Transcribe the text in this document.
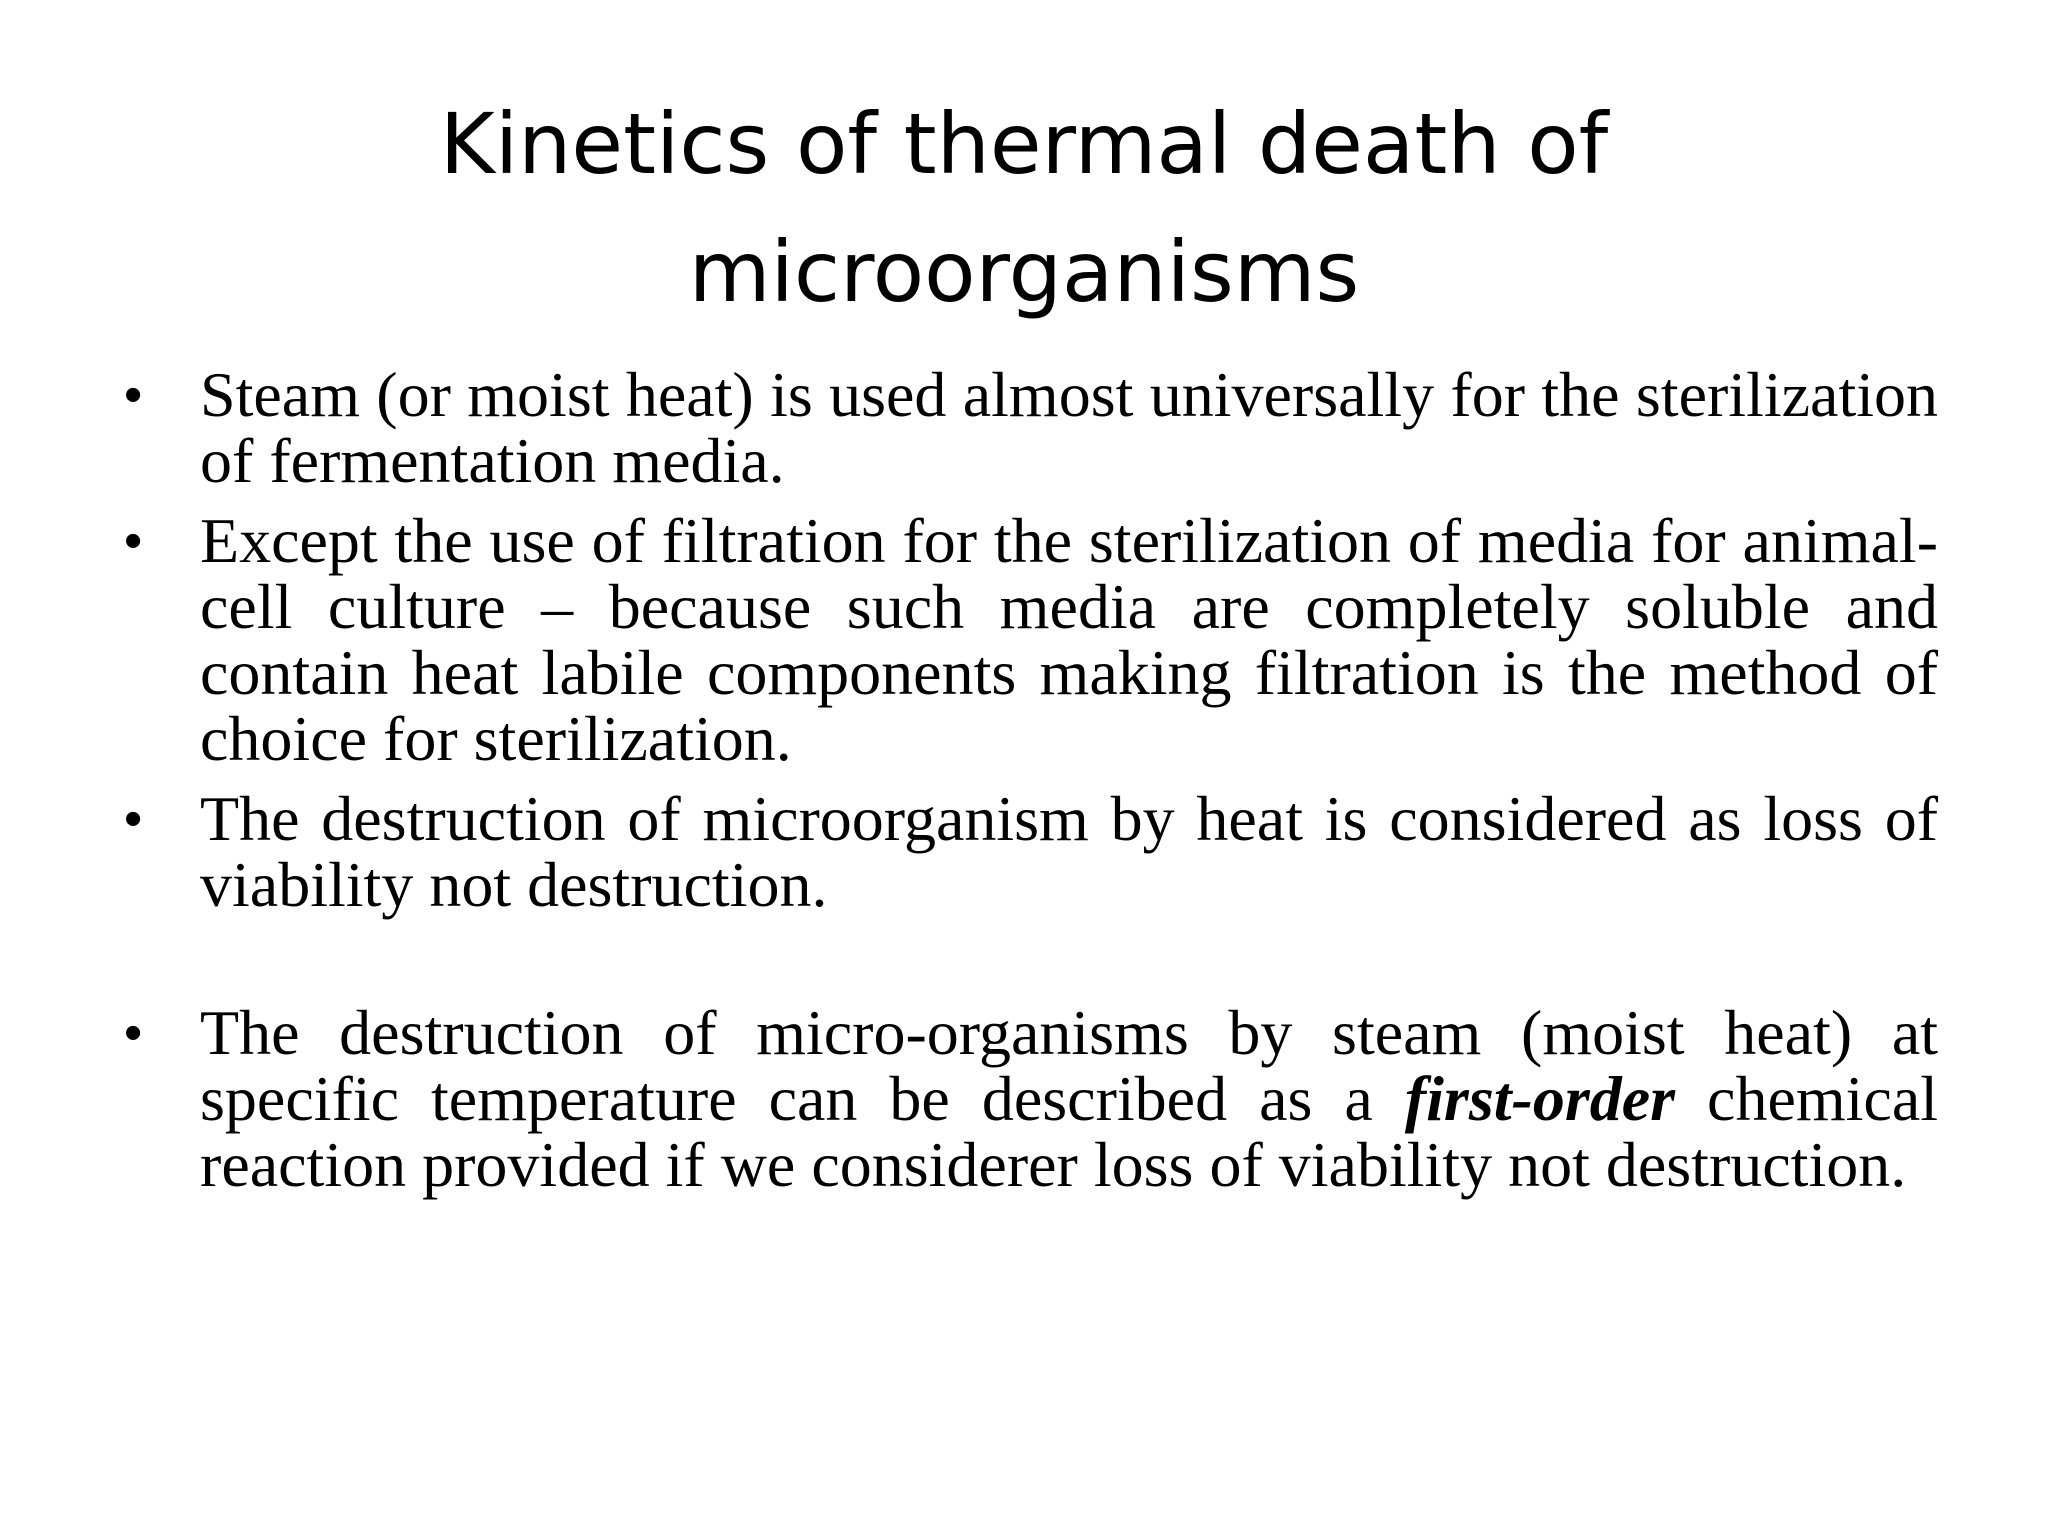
Kinetics of thermal death of
microorganisms
• Steam (or moist heat) is used almost universally for the sterilization of fermentation media.
• Except the use of filtration for the sterilization of media for animal-cell culture – because such media are completely soluble and contain heat labile components making filtration is the method of choice for sterilization.
• The destruction of microorganism by heat is considered as loss of viability not destruction.
• The destruction of micro-organisms by steam (moist heat) at specific temperature can be described as a first-order chemical reaction provided if we considerer loss of viability not destruction.
